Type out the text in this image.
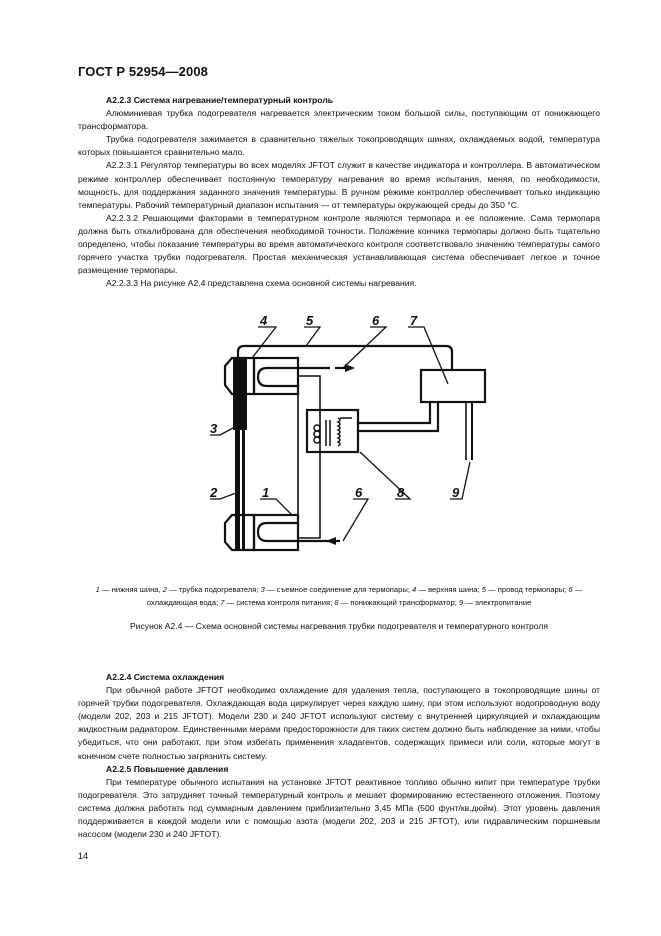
ГОСТ Р 52954—2008

A2.2.3 Система нагревание/температурный контроль

Алюминиевая трубка подогревателя нагревается электрическим током большой силы, поступающим от понижающего трансформатора.

Трубка подогревателя зажимается в сравнительно тяжелых токопроводящих шинах, охлаждаемых водой, температура которых повышается сравнительно мало.

A2.2.3.1 Регулятор температуры во всех моделях JFTOT служит в качестве индикатора и контроллера. В автоматическом режиме контроллер обеспечивает постоянную температуру нагревания во время испытания, меняя, по необходимости, мощность, для поддержания заданного значения температуры. В ручном режиме контроллер обеспечивает только индикацию температуры. Рабочий температурный диапазон испытания — от температуры окружающей среды до 350 °С.

A2.2.3.2 Решающими факторами в температурном контроле являются термопара и ее положение. Сама термопара должна быть откалибрована для обеспечения необходимой точности. Положение кончика термопары должно быть тщательно определено, чтобы показание температуры во время автоматического контроля соответствовало значению температуры самого горячего участка трубки подогревателя. Простая механическая устанавливающая система обеспечивает легкое и точное размещение термопары.

A2.2.3.3 На рисунке A2.4 представлена схема основной системы нагревания.

4	5	6 7
3
2	1	6	8	9
1 — нижняя шина, 2 — трубка подогревателя; 3 — съемное соединение для термопары; 4 — верхняя шина; 5 — провод термопары; 6 — охлаждающая вода; 7 — система контроля питания; 8 — понижающий трансформатор; 9 — электропитание
Рисунок A2.4 — Схема основной системы нагревания трубки подогревателя и температурного контроля

A2.2.4 Система охлаждения

При обычной работе JFTOT необходимо охлаждение для удаления тепла, поступающего в токопроводящие шины от горячей трубки подогревателя. Охлаждающая вода циркулирует через каждую шину, при этом используют водопроводную воду (модели 202, 203 и 215 JFTOT). Модели 230 и 240 JFTOT используют систему с внутренней циркуляцией и охлаждающим жидкостным радиатором. Единственными мерами предосторожности для таких систем должно быть наблюдение за ними, чтобы убедиться, что они работают, при этом избегать применения хладагентов, содержащих примеси или соли, которые могут в конечном счете полностью загрязнить систему.

A2.2.5 Повышение давления

При температуре обычного испытания на установке JFTOT реактивное топливо обычно кипит при температуре трубки подогревателя. Это затрудняет точный температурный контроль и мешает формированию естественного отложения. Поэтому система должна работать под суммарным давлением приблизительно 3,45 МПа (500 фунт/кв.дюйм). Этот уровень давления поддерживается в каждой модели или с помощью азота (модели 202, 203 и 215 JFTOT), или гидравлическим поршневым насосом (модели 230 и 240 JFTOT).

14
